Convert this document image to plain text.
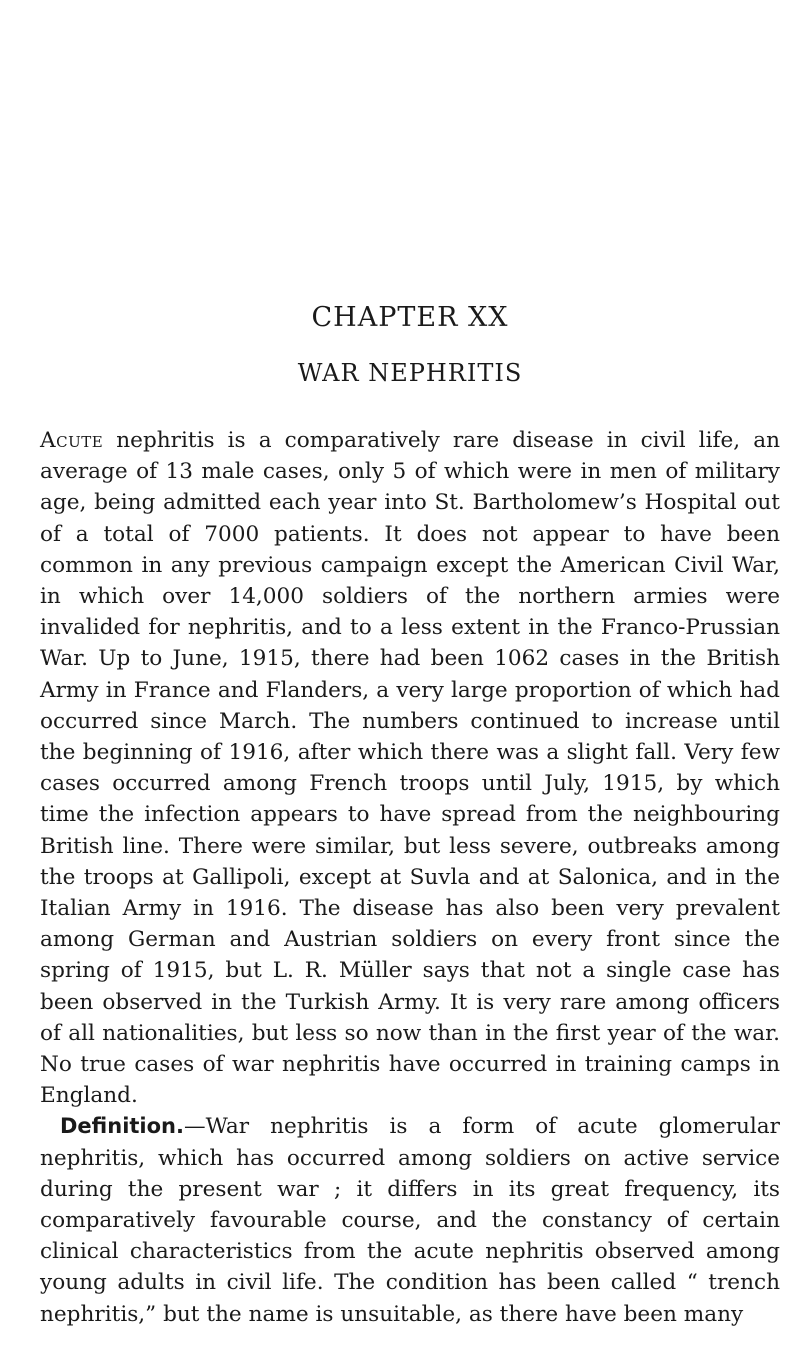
CHAPTER XX
WAR NEPHRITIS

Acute nephritis is a comparatively rare disease in civil life, an average of 13 male cases, only 5 of which were in men of military age, being admitted each year into St. Bartholomew’s Hospital out of a total of 7000 patients. It does not appear to have been common in any previous campaign except the American Civil War, in which over 14,000 soldiers of the northern armies were invalided for nephritis, and to a less extent in the Franco-Prussian War. Up to June, 1915, there had been 1062 cases in the British Army in France and Flanders, a very large proportion of which had occurred since March. The numbers continued to increase until the beginning of 1916, after which there was a slight fall. Very few cases occurred among French troops until July, 1915, by which time the infection appears to have spread from the neighbouring British line. There were similar, but less severe, outbreaks among the troops at Gallipoli, except at Suvla and at Salonica, and in the Italian Army in 1916. The disease has also been very prevalent among German and Austrian soldiers on every front since the spring of 1915, but L. R. Müller says that not a single case has been observed in the Turkish Army. It is very rare among officers of all nationalities, but less so now than in the first year of the war. No true cases of war nephritis have occurred in training camps in England.

Definition.—War nephritis is a form of acute glomerular nephritis, which has occurred among soldiers on active service during the present war ; it differs in its great frequency, its comparatively favourable course, and the constancy of certain clinical characteristics from the acute nephritis observed among young adults in civil life. The condition has been called “ trench nephritis,” but the name is unsuitable, as there have been many
